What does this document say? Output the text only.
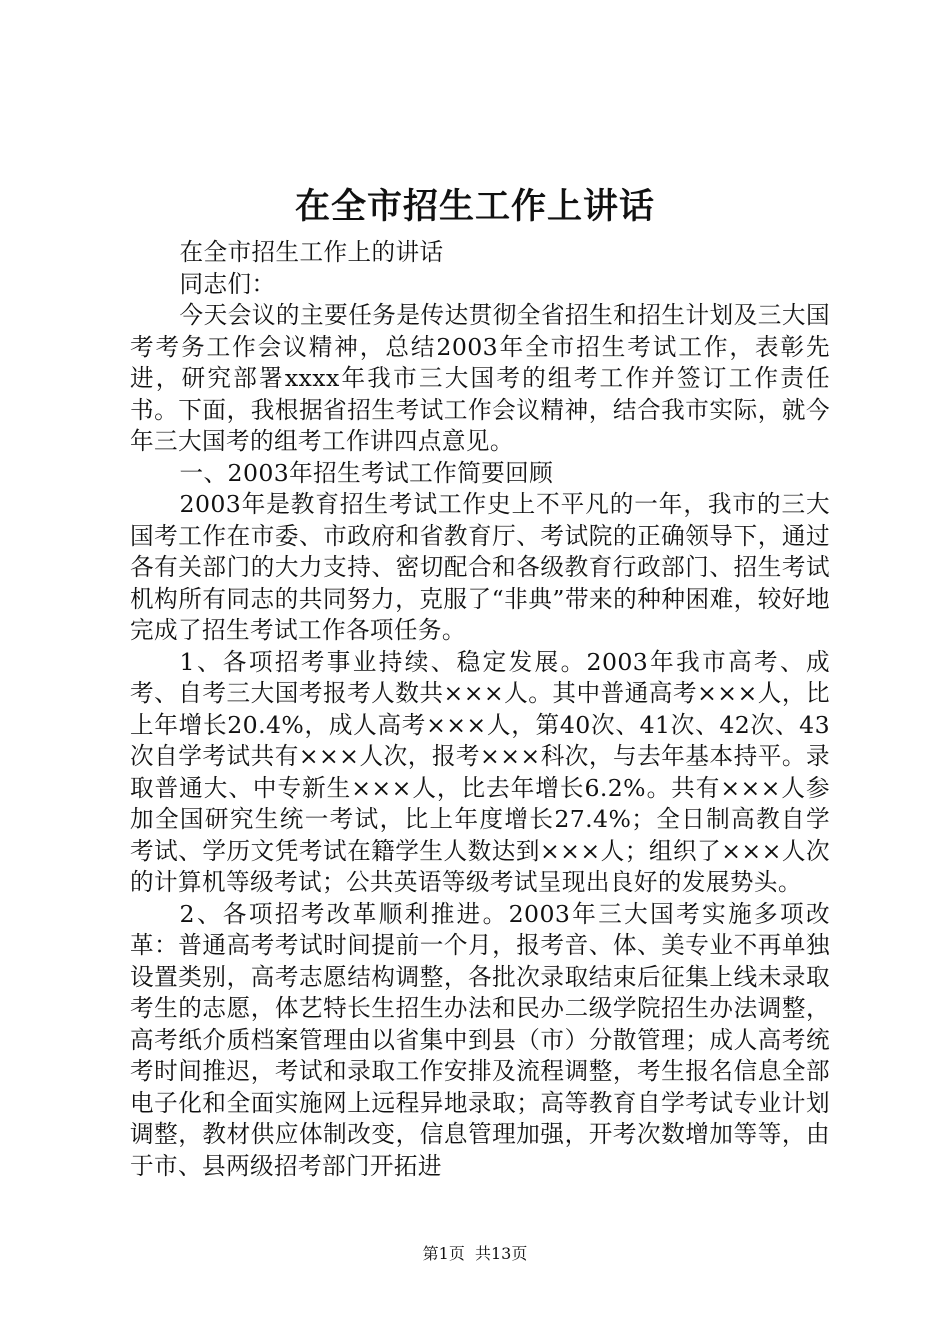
在全市招生工作上讲话

在全市招生工作上的讲话

同志们：

今天会议的主要任务是传达贯彻全省招生和招生计划及三大国考考务工作会议精神，总结2003年全市招生考试工作，表彰先进，研究部署xxxx年我市三大国考的组考工作并签订工作责任书。下面，我根据省招生考试工作会议精神，结合我市实际，就今年三大国考的组考工作讲四点意见。

一、2003年招生考试工作简要回顾

2003年是教育招生考试工作史上不平凡的一年，我市的三大国考工作在市委、市政府和省教育厅、考试院的正确领导下，通过各有关部门的大力支持、密切配合和各级教育行政部门、招生考试机构所有同志的共同努力，克服了“非典”带来的种种困难，较好地完成了招生考试工作各项任务。

1、各项招考事业持续、稳定发展。2003年我市高考、成考、自考三大国考报考人数共×××人。其中普通高考×××人，比上年增长20.4%，成人高考×××人，第40次、41次、42次、43次自学考试共有×××人次，报考×××科次，与去年基本持平。录取普通大、中专新生×××人，比去年增长6.2%。共有×××人参加全国研究生统一考试，比上年度增长27.4%；全日制高教自学考试、学历文凭考试在籍学生人数达到×××人；组织了×××人次的计算机等级考试；公共英语等级考试呈现出良好的发展势头。

2、各项招考改革顺利推进。2003年三大国考实施多项改革：普通高考考试时间提前一个月，报考音、体、美专业不再单独设置类别，高考志愿结构调整，各批次录取结束后征集上线未录取考生的志愿，体艺特长生招生办法和民办二级学院招生办法调整，高考纸介质档案管理由以省集中到县（市）分散管理；成人高考统考时间推迟，考试和录取工作安排及流程调整，考生报名信息全部电子化和全面实施网上远程异地录取；高等教育自学考试专业计划调整，教材供应体制改变，信息管理加强，开考次数增加等等，由于市、县两级招考部门开拓进

第1页  共13页
